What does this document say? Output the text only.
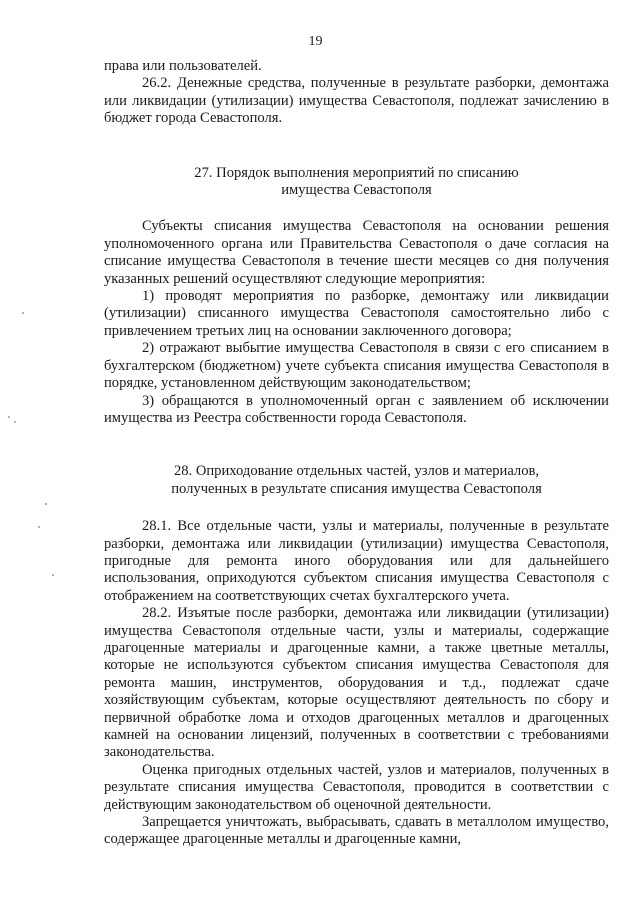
19

права или пользователей.

26.2. Денежные средства, полученные в результате разборки, демонтажа или ликвидации (утилизации) имущества Севастополя, подлежат зачислению в бюджет города Севастополя.

27. Порядок выполнения мероприятий по списанию
имущества Севастополя

Субъекты списания имущества Севастополя на основании решения уполномоченного органа или Правительства Севастополя о даче согласия на списание имущества Севастополя в течение шести месяцев со дня получения указанных решений осуществляют следующие мероприятия:

1) проводят мероприятия по разборке, демонтажу или ликвидации (утилизации) списанного имущества Севастополя самостоятельно либо с привлечением третьих лиц на основании заключенного договора;

2) отражают выбытие имущества Севастополя в связи с его списанием в бухгалтерском (бюджетном) учете субъекта списания имущества Севастополя в порядке, установленном действующим законодательством;

3) обращаются в уполномоченный орган с заявлением об исключении имущества из Реестра собственности города Севастополя.

28. Оприходование отдельных частей, узлов и материалов,
полученных в результате списания имущества Севастополя

28.1. Все отдельные части, узлы и материалы, полученные в результате разборки, демонтажа или ликвидации (утилизации) имущества Севастополя, пригодные для ремонта иного оборудования или для дальнейшего использования, оприходуются субъектом списания имущества Севастополя с отображением на соответствующих счетах бухгалтерского учета.

28.2. Изъятые после разборки, демонтажа или ликвидации (утилизации) имущества Севастополя отдельные части, узлы и материалы, содержащие драгоценные материалы и драгоценные камни, а также цветные металлы, которые не используются субъектом списания имущества Севастополя для ремонта машин, инструментов, оборудования и т.д., подлежат сдаче хозяйствующим субъектам, которые осуществляют деятельность по сбору и первичной обработке лома и отходов драгоценных металлов и драгоценных камней на основании лицензий, полученных в соответствии с требованиями законодательства.

Оценка пригодных отдельных частей, узлов и материалов, полученных в результате списания имущества Севастополя, проводится в соответствии с действующим законодательством об оценочной деятельности.

Запрещается уничтожать, выбрасывать, сдавать в металлолом имущество, содержащее драгоценные металлы и драгоценные камни,
